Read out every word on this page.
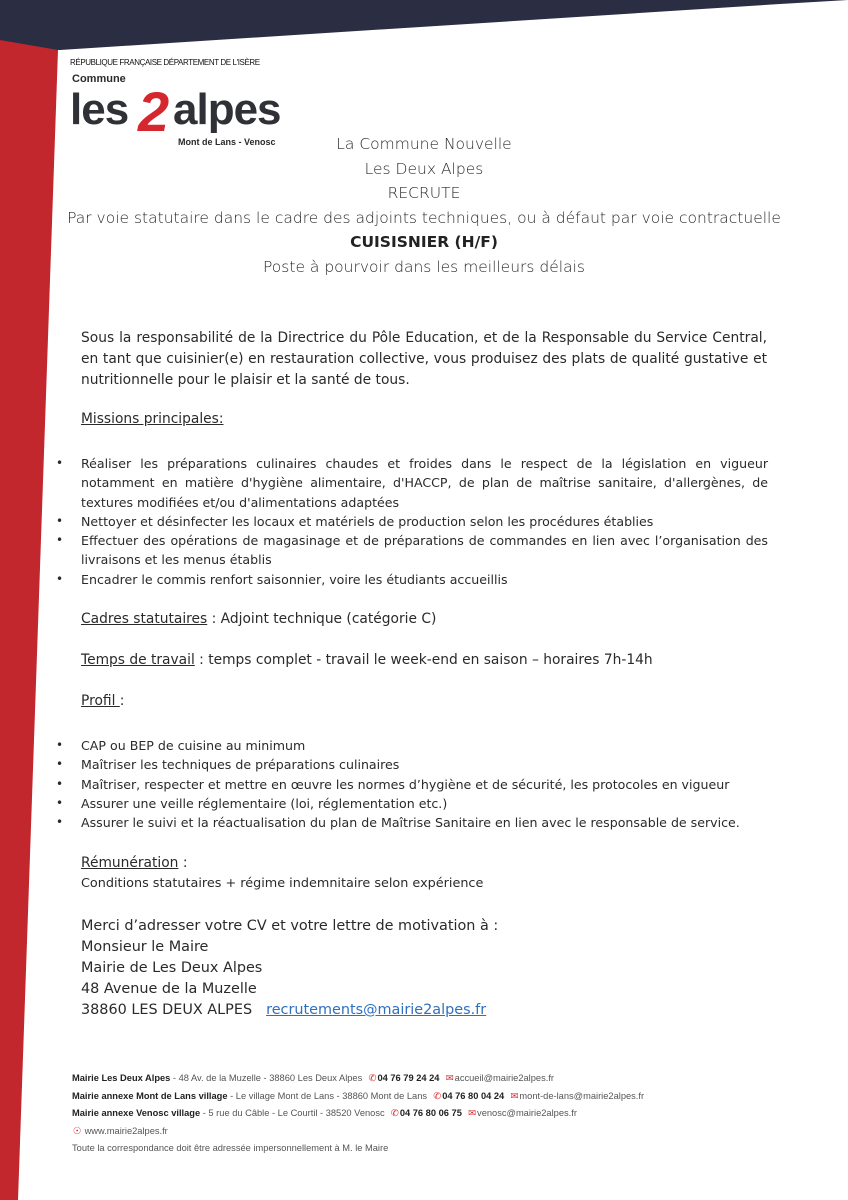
RÉPUBLIQUE FRANÇAISE DÉPARTEMENT DE L'ISÈRE
Commune
les 2 alpes
Mont de Lans - Venosc	La Commune Nouvelle
Les Deux Alpes
RECRUTE
Par voie statutaire dans le cadre des adjoints techniques, ou à défaut par voie contractuelle
CUISISNIER (H/F)
Poste à pourvoir dans les meilleurs délais

Sous la responsabilité de la Directrice du Pôle Education, et de la Responsable du Service Central, en tant que cuisinier(e) en restauration collective, vous produisez des plats de qualité gustative et nutritionnelle pour le plaisir et la santé de tous.

Missions principales:
• Réaliser les préparations culinaires chaudes et froides dans le respect de la législation en vigueur notamment en matière d'hygiène alimentaire, d'HACCP, de plan de maîtrise sanitaire, d'allergènes, de textures modifiées et/ou d'alimentations adaptées
• Nettoyer et désinfecter les locaux et matériels de production selon les procédures établies
• Effectuer des opérations de magasinage et de préparations de commandes en lien avec l’organisation des livraisons et les menus établis
• Encadrer le commis renfort saisonnier, voire les étudiants accueillis
Cadres statutaires : Adjoint technique (catégorie C)
Temps de travail : temps complet - travail le week-end en saison – horaires 7h-14h
Profil :
• CAP ou BEP de cuisine au minimum
• Maîtriser les techniques de préparations culinaires
• Maîtriser, respecter et mettre en œuvre les normes d’hygiène et de sécurité, les protocoles en vigueur
• Assurer une veille réglementaire (loi, réglementation etc.)
• Assurer le suivi et la réactualisation du plan de Maîtrise Sanitaire en lien avec le responsable de service.
Rémunération :
Conditions statutaires + régime indemnitaire selon expérience
Merci d’adresser votre CV et votre lettre de motivation à :
Monsieur le Maire
Mairie de Les Deux Alpes
48 Avenue de la Muzelle
38860 LES DEUX ALPES recrutements@mairie2alpes.fr
Mairie Les Deux Alpes - 48 Av. de la Muzelle - 38860 Les Deux Alpes ✆04 76 79 24 24 ✉accueil@mairie2alpes.fr
Mairie annexe Mont de Lans village - Le village Mont de Lans - 38860 Mont de Lans ✆04 76 80 04 24 ✉mont-de-lans@mairie2alpes.fr
Mairie annexe Venosc village - 5 rue du Câble - Le Courtil - 38520 Venosc ✆04 76 80 06 75 ✉venosc@mairie2alpes.fr
☉ www.mairie2alpes.fr
Toute la correspondance doit être adressée impersonnellement à M. le Maire
